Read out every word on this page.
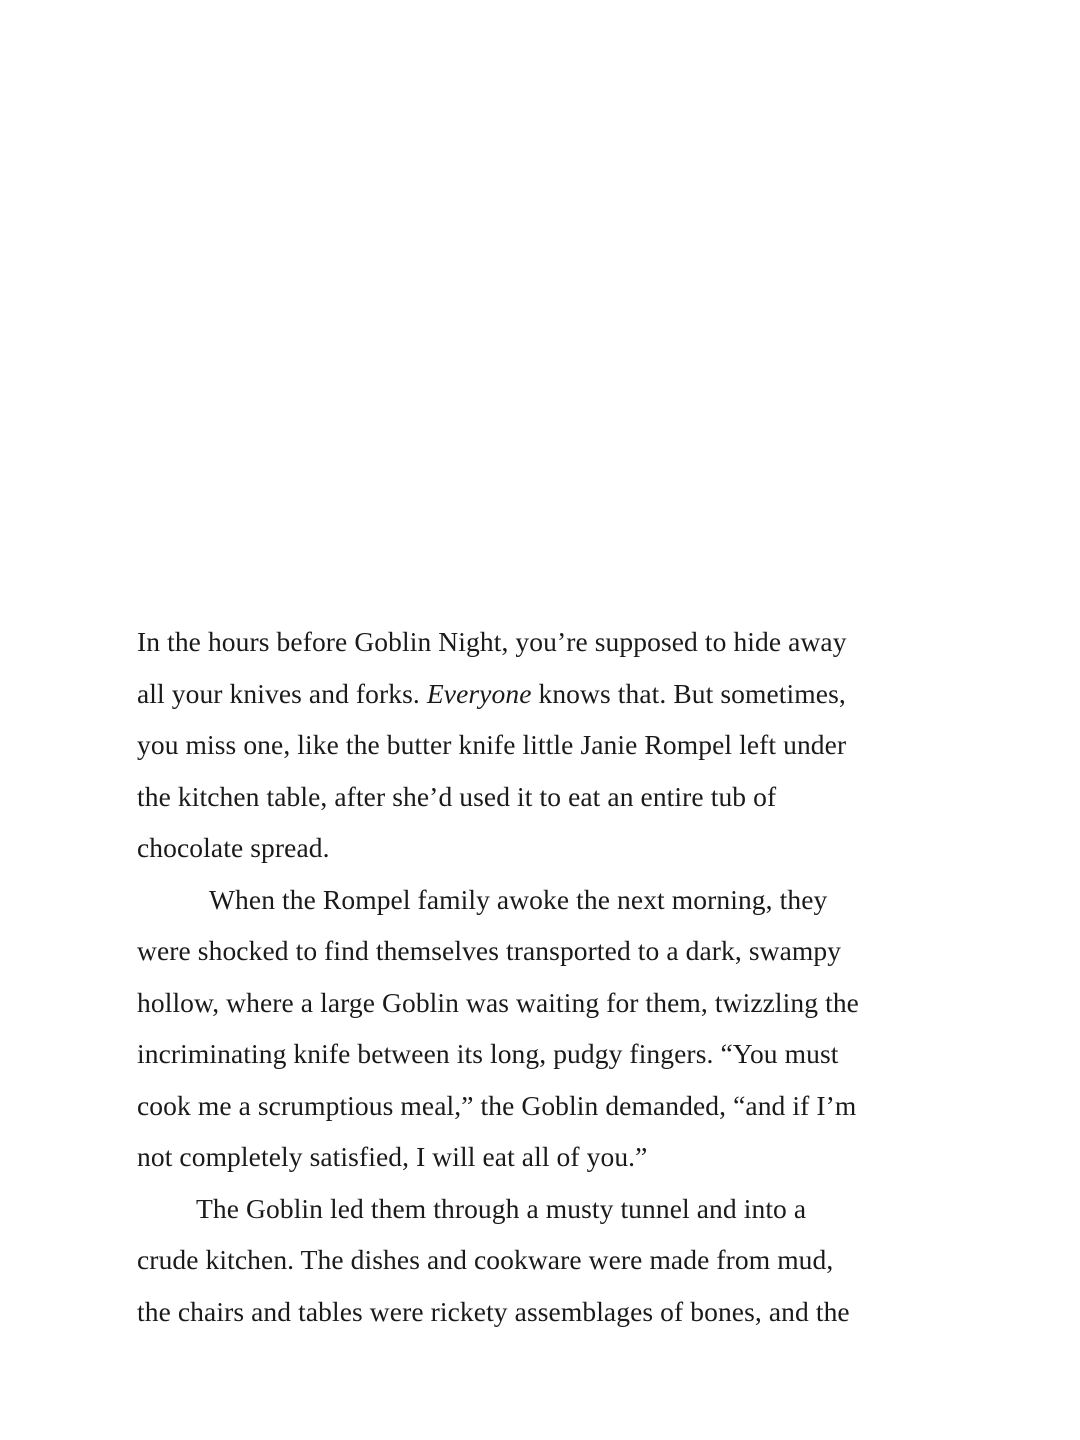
In the hours before Goblin Night, you’re supposed to hide away
all your knives and forks. Everyone knows that. But sometimes,
you miss one, like the butter knife little Janie Rompel left under
the kitchen table, after she’d used it to eat an entire tub of
chocolate spread.
When the Rompel family awoke the next morning, they
were shocked to find themselves transported to a dark, swampy
hollow, where a large Goblin was waiting for them, twizzling the
incriminating knife between its long, pudgy fingers. “You must
cook me a scrumptious meal,” the Goblin demanded, “and if I’m
not completely satisfied, I will eat all of you.”
The Goblin led them through a musty tunnel and into a
crude kitchen. The dishes and cookware were made from mud,
the chairs and tables were rickety assemblages of bones, and the
